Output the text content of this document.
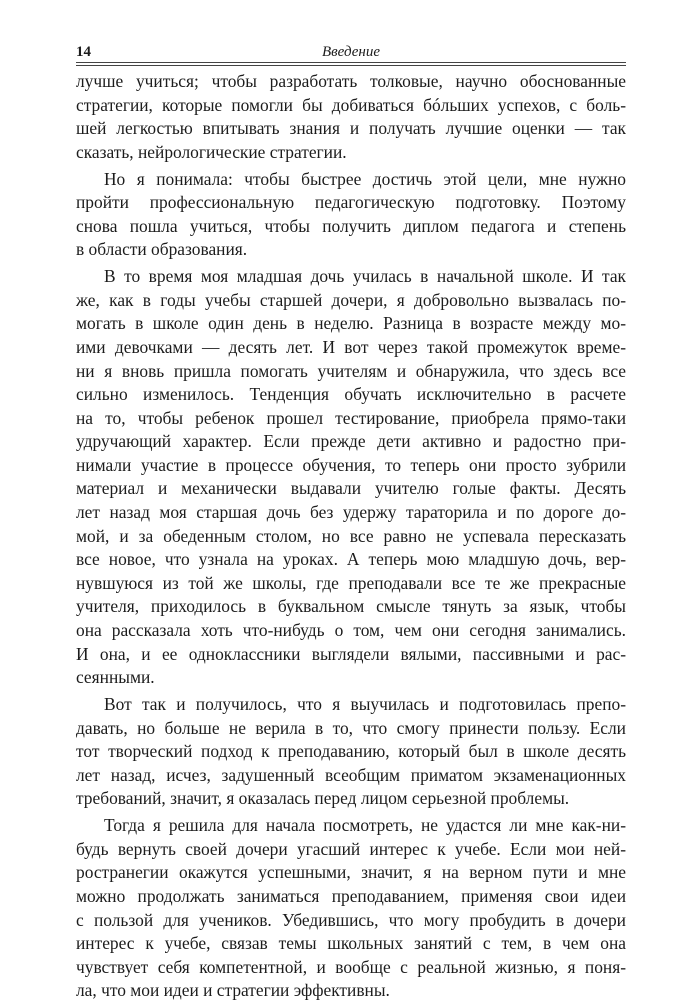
14	Введение
лучше учиться; чтобы разработать толковые, научно обоснованные
стратегии, которые помогли бы добиваться бóльших успехов, с боль-
шей легкостью впитывать знания и получать лучшие оценки — так
сказать, нейрологические стратегии.
Но я понимала: чтобы быстрее достичь этой цели, мне нужно
пройти профессиональную педагогическую подготовку. Поэтому
снова пошла учиться, чтобы получить диплом педагога и степень
в области образования.
В то время моя младшая дочь училась в начальной школе. И так
же, как в годы учебы старшей дочери, я добровольно вызвалась по-
могать в школе один день в неделю. Разница в возрасте между мо-
ими девочками — десять лет. И вот через такой промежуток време-
ни я вновь пришла помогать учителям и обнаружила, что здесь все
сильно изменилось. Тенденция обучать исключительно в расчете
на то, чтобы ребенок прошел тестирование, приобрела прямо-таки
удручающий характер. Если прежде дети активно и радостно при-
нимали участие в процессе обучения, то теперь они просто зубрили
материал и механически выдавали учителю голые факты. Десять
лет назад моя старшая дочь без удержу тараторила и по дороге до-
мой, и за обеденным столом, но все равно не успевала пересказать
все новое, что узнала на уроках. А теперь мою младшую дочь, вер-
нувшуюся из той же школы, где преподавали все те же прекрасные
учителя, приходилось в буквальном смысле тянуть за язык, чтобы
она рассказала хоть что-нибудь о том, чем они сегодня занимались.
И она, и ее одноклассники выглядели вялыми, пассивными и рас-
сеянными.
Вот так и получилось, что я выучилась и подготовилась препо-
давать, но больше не верила в то, что смогу принести пользу. Если
тот творческий подход к преподаванию, который был в школе десять
лет назад, исчез, задушенный всеобщим приматом экзаменационных
требований, значит, я оказалась перед лицом серьезной проблемы.
Тогда я решила для начала посмотреть, не удастся ли мне как-ни-
будь вернуть своей дочери угасший интерес к учебе. Если мои ней-
ространегии окажутся успешными, значит, я на верном пути и мне
можно продолжать заниматься преподаванием, применяя свои идеи
с пользой для учеников. Убедившись, что могу пробудить в дочери
интерес к учебе, связав темы школьных занятий с тем, в чем она
чувствует себя компетентной, и вообще с реальной жизнью, я поня-
ла, что мои идеи и стратегии эффективны.
